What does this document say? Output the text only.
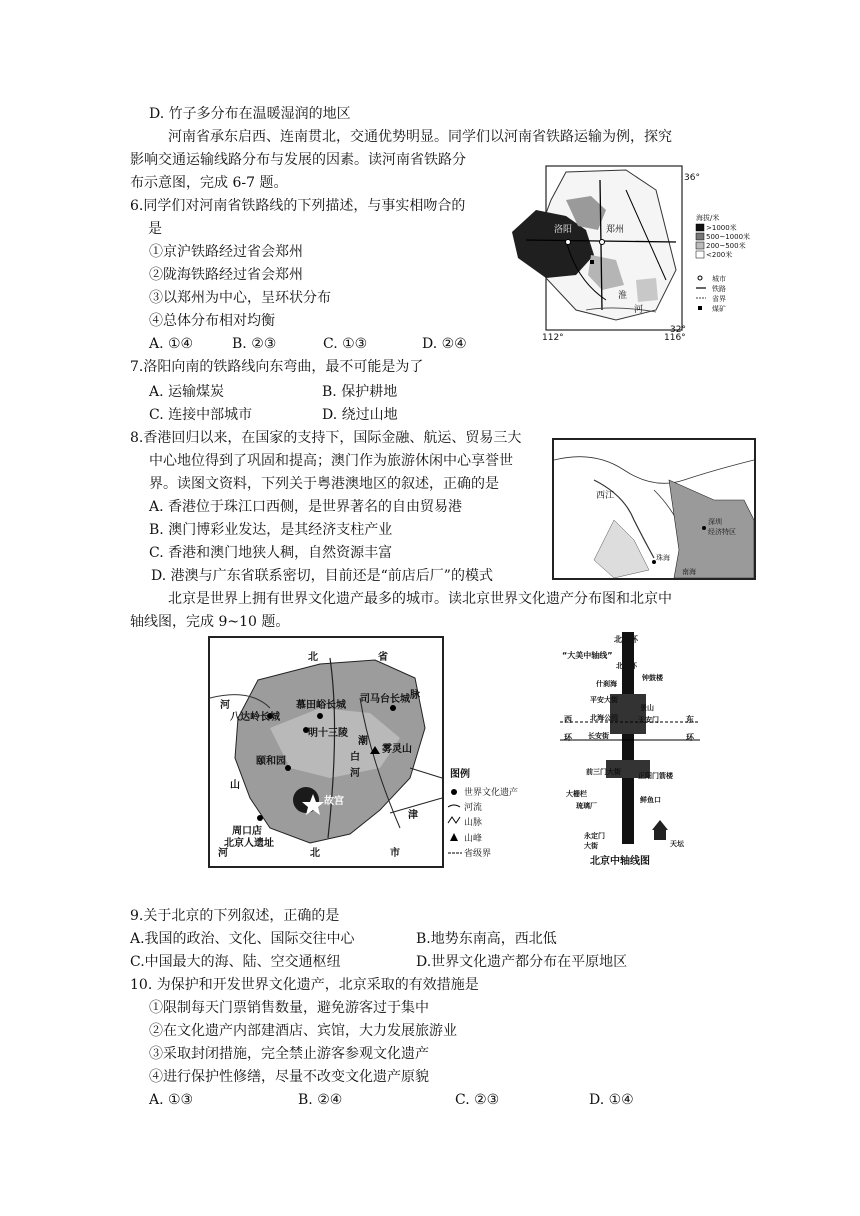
D. 竹子多分布在温暖湿润的地区
河南省承东启西、连南贯北，交通优势明显。同学们以河南省铁路运输为例，探究
影响交通运输线路分布与发展的因素。读河南省铁路分
布示意图，完成 6-7 题。
6.同学们对河南省铁路线的下列描述，与事实相吻合的
是
①京沪铁路经过省会郑州
②陇海铁路经过省会郑州
③以郑州为中心，呈环状分布
④总体分布相对均衡
A. ①④	B. ②③	C. ①③	D. ②④
7.洛阳向南的铁路线向东弯曲，最不可能是为了
A. 运输煤炭	B. 保护耕地
C. 连接中部城市	D. 绕过山地
8.香港回归以来，在国家的支持下，国际金融、航运、贸易三大
中心地位得到了巩固和提高；澳门作为旅游休闲中心享誉世
界。读图文资料，下列关于粤港澳地区的叙述，正确的是
A. 香港位于珠江口西侧，是世界著名的自由贸易港
B. 澳门博彩业发达，是其经济支柱产业
C. 香港和澳门地狭人稠，自然资源丰富
D. 港澳与广东省联系密切，目前还是“前店后厂”的模式
北京是世界上拥有世界文化遗产最多的城市。读北京世界文化遗产分布图和北京中
轴线图，完成 9~10 题。
9.关于北京的下列叙述，正确的是
A.我国的政治、文化、国际交往中心	B.地势东南高，西北低
C.中国最大的海、陆、空交通枢纽	D.世界文化遗产都分布在平原地区
10. 为保护和开发世界文化遗产，北京采取的有效措施是
①限制每天门票销售数量，避免游客过于集中
②在文化遗产内部建酒店、宾馆，大力发展旅游业
③采取封闭措施，完全禁止游客参观文化遗产
④进行保护性修缮，尽量不改变文化遗产原貌
A. ①③	B. ②④	C. ②③	D. ①④
郑州
洛阳
淮
河
36°
32°
112°	116°
海拔/米
>1000米
500~1000米
200~500米
<200米
城市
铁路
省界
煤矿
西江
深圳
经济特区
珠海
南海
北	省
脉
河
八达岭长城
慕田峪长城
司马台长城
明十三陵
颐和园
故宫
周口店
北京人遗址
潮
白
河
雾灵山
津
市
河	北
山
图例
世界文化遗产
河流
山脉
山峰
省级界
北四环
“大美中轴线”
北二环
钟鼓楼
什刹海
平安大街
景山
北海公园	天安门
西
环 长安街
东
环
前三门大街 正阳门箭楼
大栅栏
琉璃厂
鲜鱼口
永定门
大街	天坛
北京中轴线图
